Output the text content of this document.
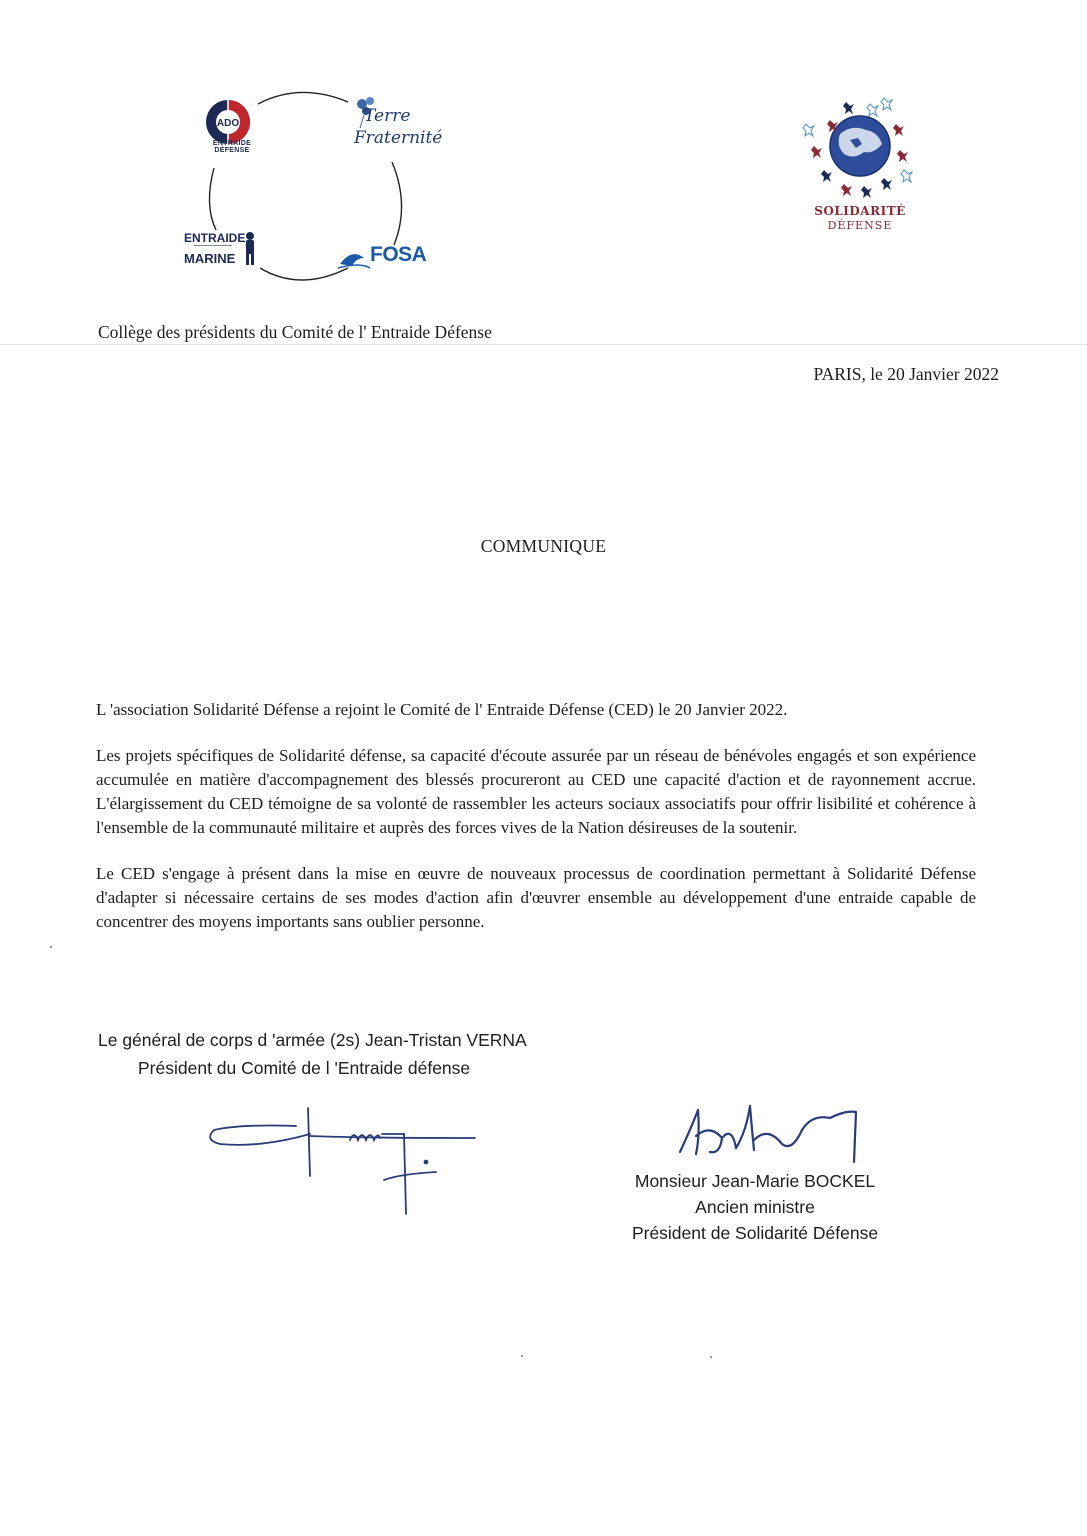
ADO
ENTRAIDE
DÉFENSE
Terre
Fraternité
ENTRAIDE
MARINE	FOSA
SOLIDARITÉ
DÉFENSE
Collège des présidents du Comité de l' Entraide Défense
PARIS, le 20 Janvier 2022
COMMUNIQUE

L 'association Solidarité Défense a rejoint le Comité de l' Entraide Défense (CED) le 20 Janvier 2022.

Les projets spécifiques de Solidarité défense, sa capacité d'écoute assurée par un réseau de bénévoles engagés et son expérience accumulée en matière d'accompagnement des blessés procureront au CED une capacité d'action et de rayonnement accrue. L'élargissement du CED témoigne de sa volonté de rassembler les acteurs sociaux associatifs pour offrir lisibilité et cohérence à l'ensemble de la communauté militaire et auprès des forces vives de la Nation désireuses de la soutenir.

Le CED s'engage à présent dans la mise en œuvre de nouveaux processus de coordination permettant à Solidarité Défense d'adapter si nécessaire certains de ses modes d'action afin d'œuvrer ensemble au développement d'une entraide capable de concentrer des moyens importants sans oublier personne.

Le général de corps d 'armée (2s) Jean-Tristan VERNA
Président du Comité de l 'Entraide défense
Monsieur Jean-Marie BOCKEL
Ancien ministre
Président de Solidarité Défense
